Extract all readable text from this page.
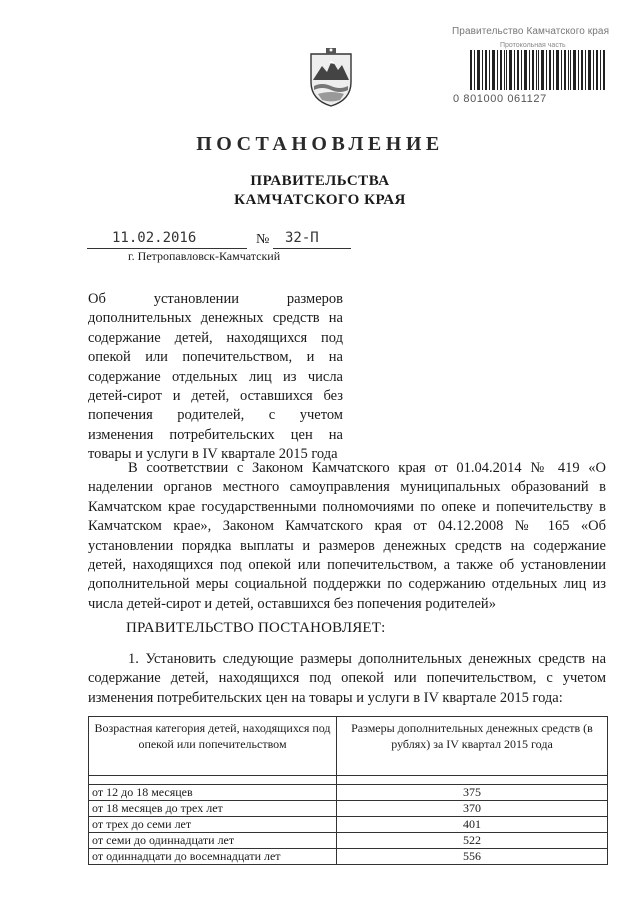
Правительство Камчатского края
Протокольная часть
0 801000 061127
ПОСТАНОВЛЕНИЕ
ПРАВИТЕЛЬСТВА
КАМЧАТСКОГО КРАЯ
11.02.2016	№ 32-П
г. Петропавловск-Камчатский

Об установлении размеров дополнительных денежных средств на содержание детей, находящихся под опекой или попечительством, и на содержание отдельных лиц из числа детей-сирот и детей, оставшихся без попечения родителей, с учетом изменения потребительских цен на товары и услуги в IV квартале 2015 года

В соответствии с Законом Камчатского края от 01.04.2014 № 419 «О наделении органов местного самоуправления муниципальных образований в Камчатском крае государственными полномочиями по опеке и попечительству в Камчатском крае», Законом Камчатского края от 04.12.2008 № 165 «Об установлении порядка выплаты и размеров денежных средств на содержание детей, находящихся под опекой или попечительством, а также об установлении дополнительной меры социальной поддержки по содержанию отдельных лиц из числа детей-сирот и детей, оставшихся без попечения родителей»

ПРАВИТЕЛЬСТВО ПОСТАНОВЛЯЕТ:

1. Установить следующие размеры дополнительных денежных средств на содержание детей, находящихся под опекой или попечительством, с учетом изменения потребительских цен на товары и услуги в IV квартале 2015 года:

Возрастная категория детей, находящихся под опекой или попечительством	Размеры дополнительных денежных средств (в рублях) за IV квартал 2015 года

от 12 до 18 месяцев	375
от 18 месяцев до трех лет	370
от трех до семи лет	401
от семи до одиннадцати лет	522
от одиннадцати до восемнадцати лет	556
